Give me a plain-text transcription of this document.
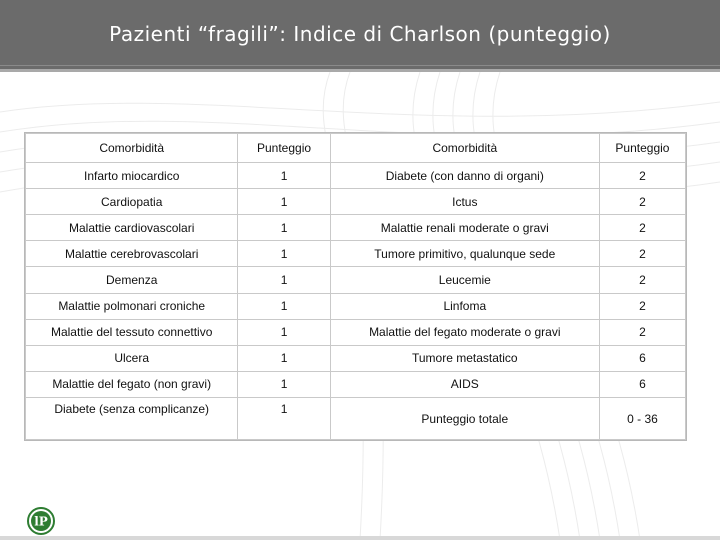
Pazienti “fragili”: Indice di Charlson (punteggio)
Comorbidità	Punteggio	Comorbidità	Punteggio
Infarto miocardico	1	Diabete (con danno di organi)	2
Cardiopatia	1	Ictus	2
Malattie cardiovascolari	1	Malattie renali moderate o gravi	2
Malattie cerebrovascolari	1	Tumore primitivo, qualunque sede	2
Demenza	1	Leucemie	2
Malattie polmonari croniche	1	Linfoma	2
Malattie del tessuto connettivo	1	Malattie del fegato moderate o gravi	2
Ulcera	1	Tumore metastatico	6
Malattie del fegato (non gravi)	1	AIDS	6
Diabete (senza complicanze)	1	Punteggio totale	0 - 36
lP
